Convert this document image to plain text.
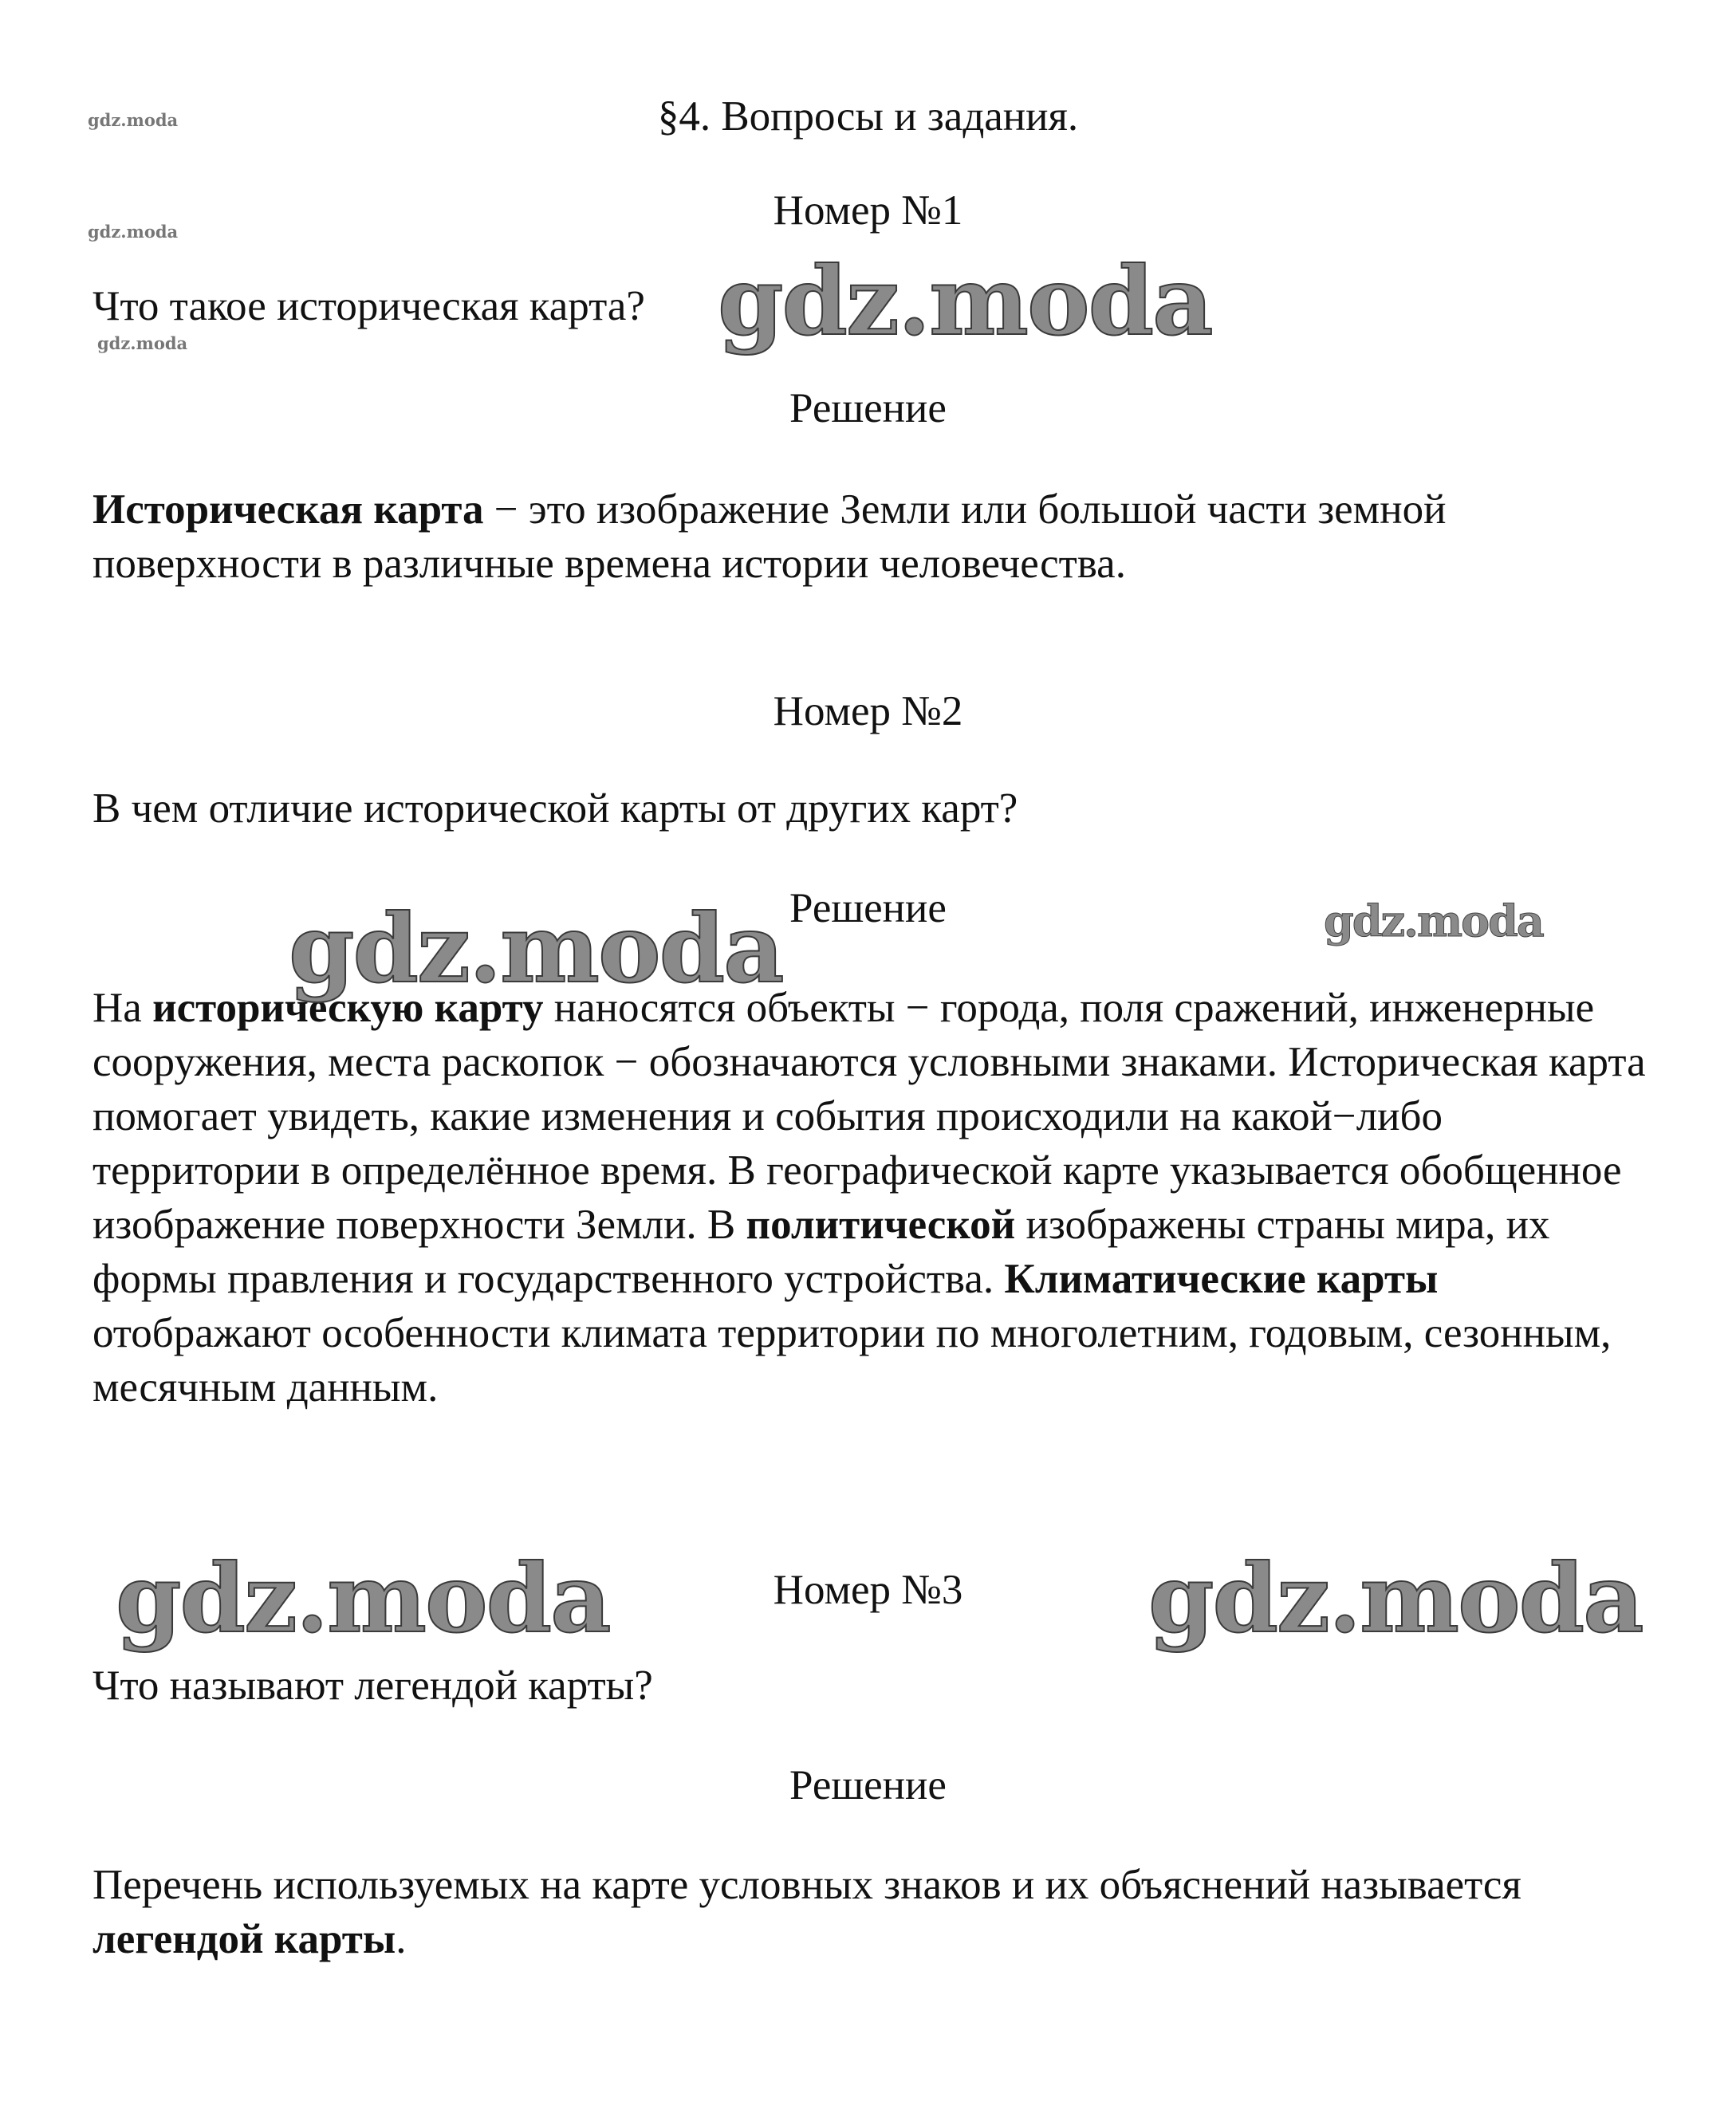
§4. Вопросы и задания.
Номер №1
Что такое историческая карта?
Решение
Историческая карта − это изображение Земли или большой части земной поверхности в различные времена истории человечества.
Номер №2
В чем отличие исторической карты от других карт?
Решение
На историческую карту наносятся объекты − города, поля сражений, инженерные сооружения, места раскопок − обозначаются условными знаками. Историческая карта помогает увидеть, какие изменения и события происходили на какой−либо территории в определённое время. В географической карте указывается обобщенное изображение поверхности Земли. В политической изображены страны мира, их формы правления и государственного устройства. Климатические карты отображают особенности климата территории по многолетним, годовым, сезонным, месячным данным.
Номер №3
Что называют легендой карты?
Решение
Перечень используемых на карте условных знаков и их объяснений называется легендой карты.
gdz.moda
gdz.moda
gdz.moda	gdz.moda
gdz.moda	gdz.moda
gdz.moda	gdz.moda
